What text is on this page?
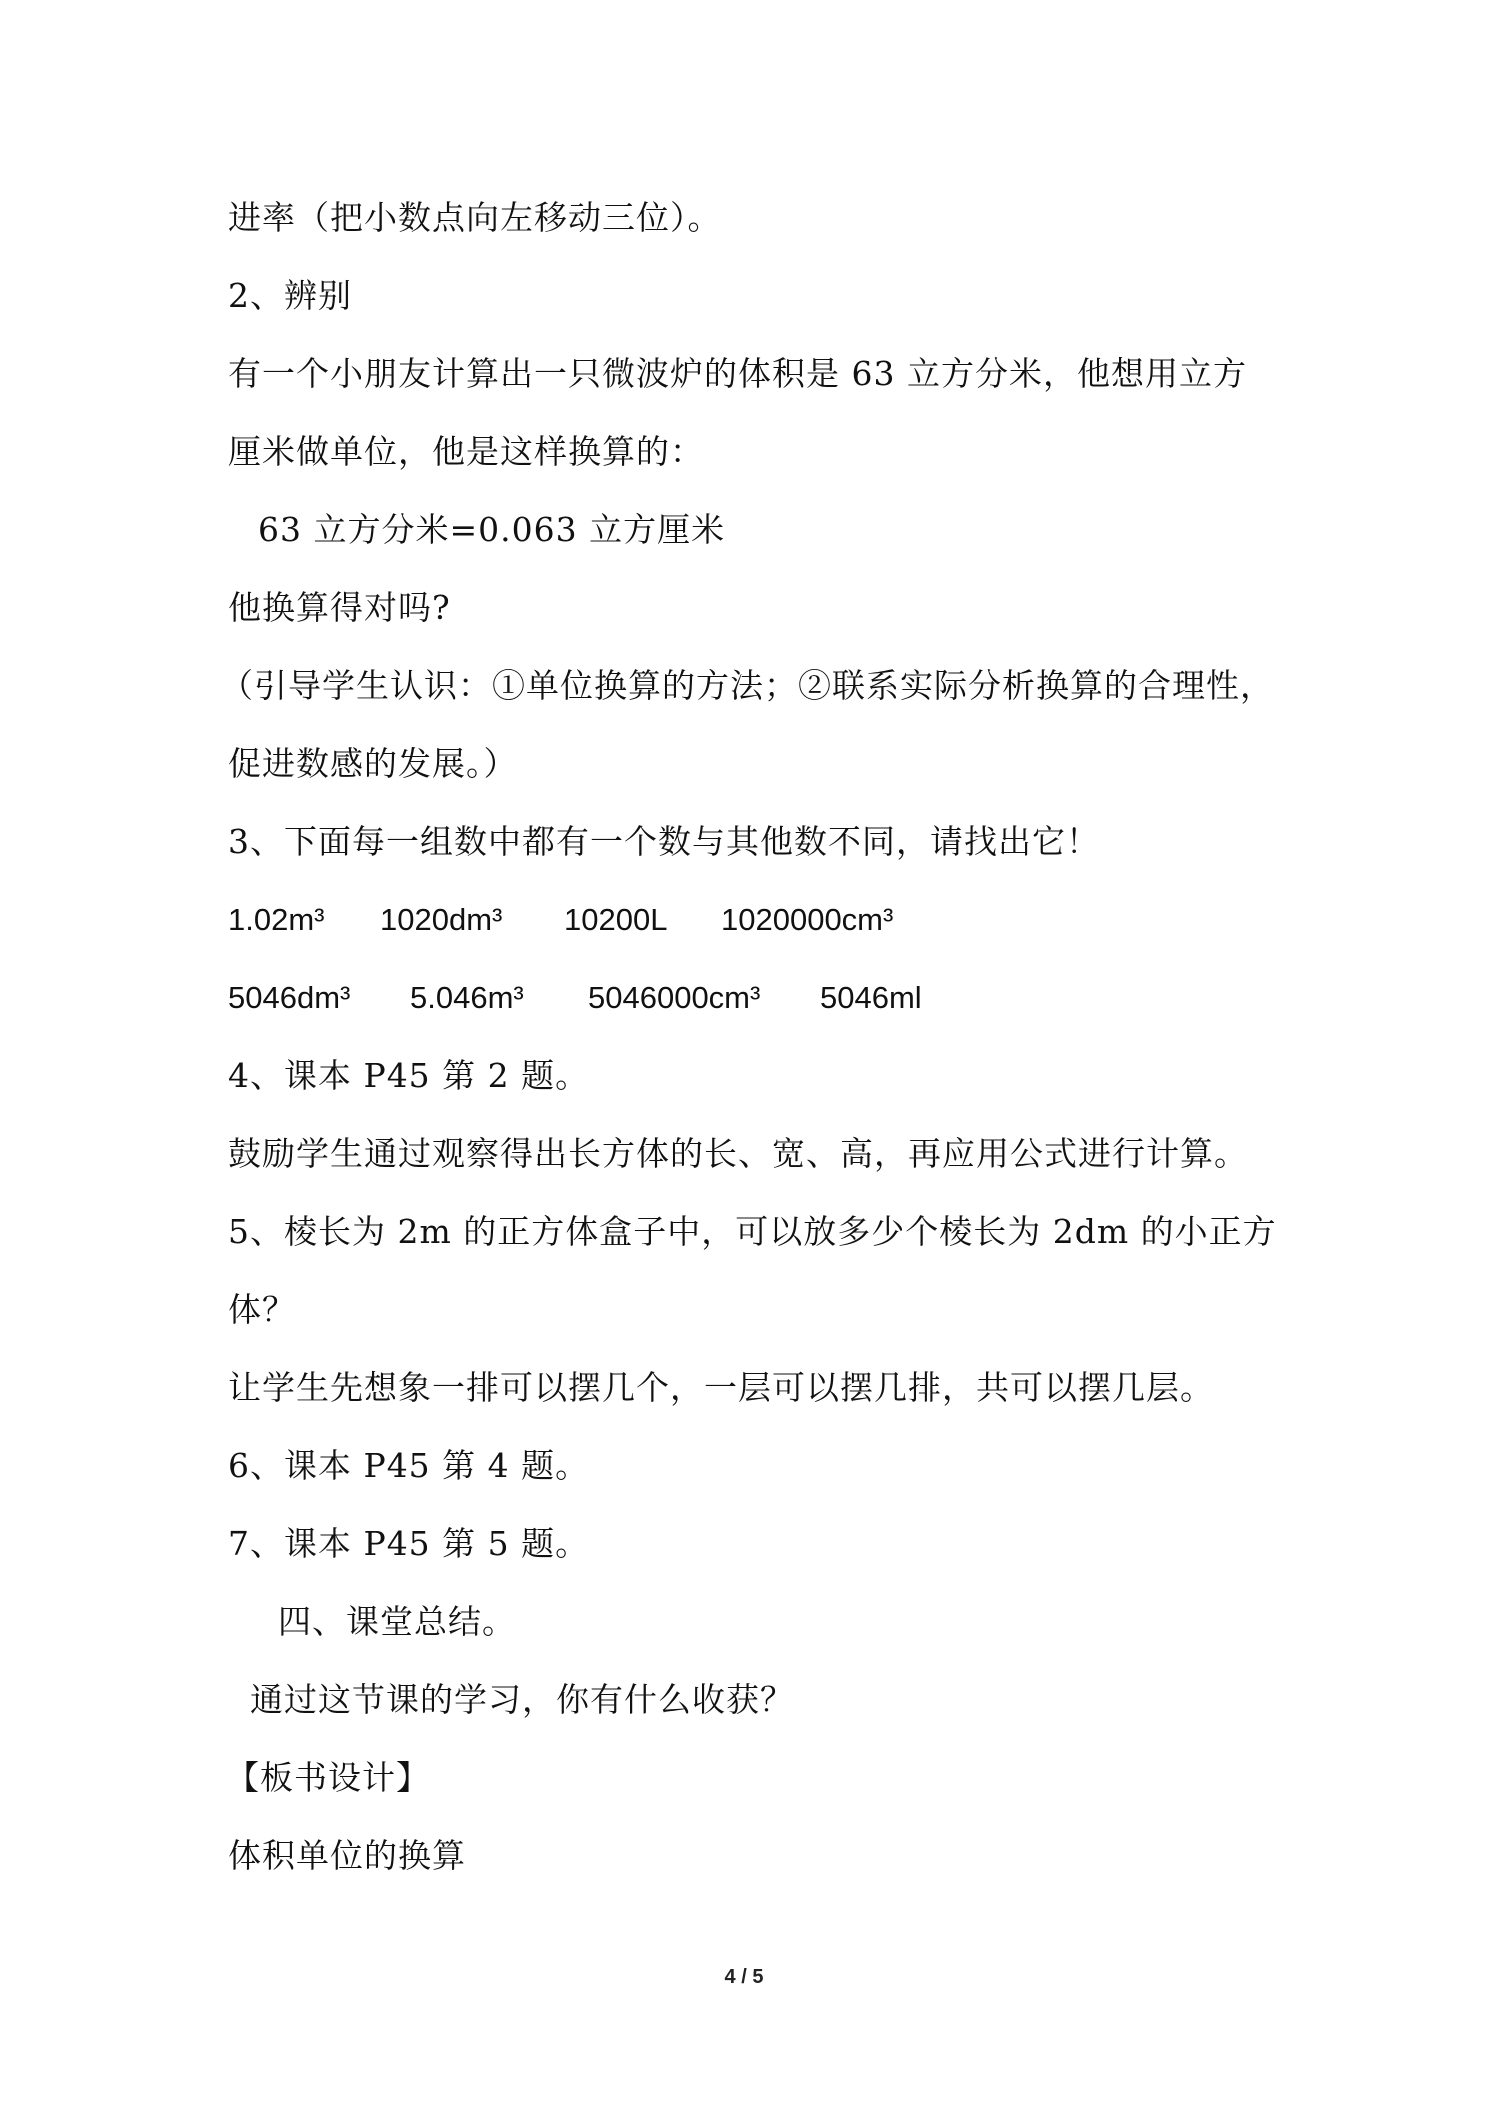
进率（把小数点向左移动三位）。
2、辨别
有一个小朋友计算出一只微波炉的体积是 63 立方分米，他想用立方
厘米做单位，他是这样换算的：
63 立方分米=0.063 立方厘米
他换算得对吗?
（引导学生认识：①单位换算的方法；②联系实际分析换算的合理性，
促进数感的发展。）
3、下面每一组数中都有一个数与其他数不同，请找出它！
1.02m³ 1020dm³ 10200L 1020000cm³
5046dm³ 5.046m³ 5046000cm³ 5046ml
4、课本 P45 第 2 题。
鼓励学生通过观察得出长方体的长、宽、高，再应用公式进行计算。
5、棱长为 2m 的正方体盒子中，可以放多少个棱长为 2dm 的小正方
体？
让学生先想象一排可以摆几个，一层可以摆几排，共可以摆几层。
6、课本 P45 第 4 题。
7、课本 P45 第 5 题。
四、课堂总结。
通过这节课的学习，你有什么收获？
【板书设计】
体积单位的换算
4 / 5
